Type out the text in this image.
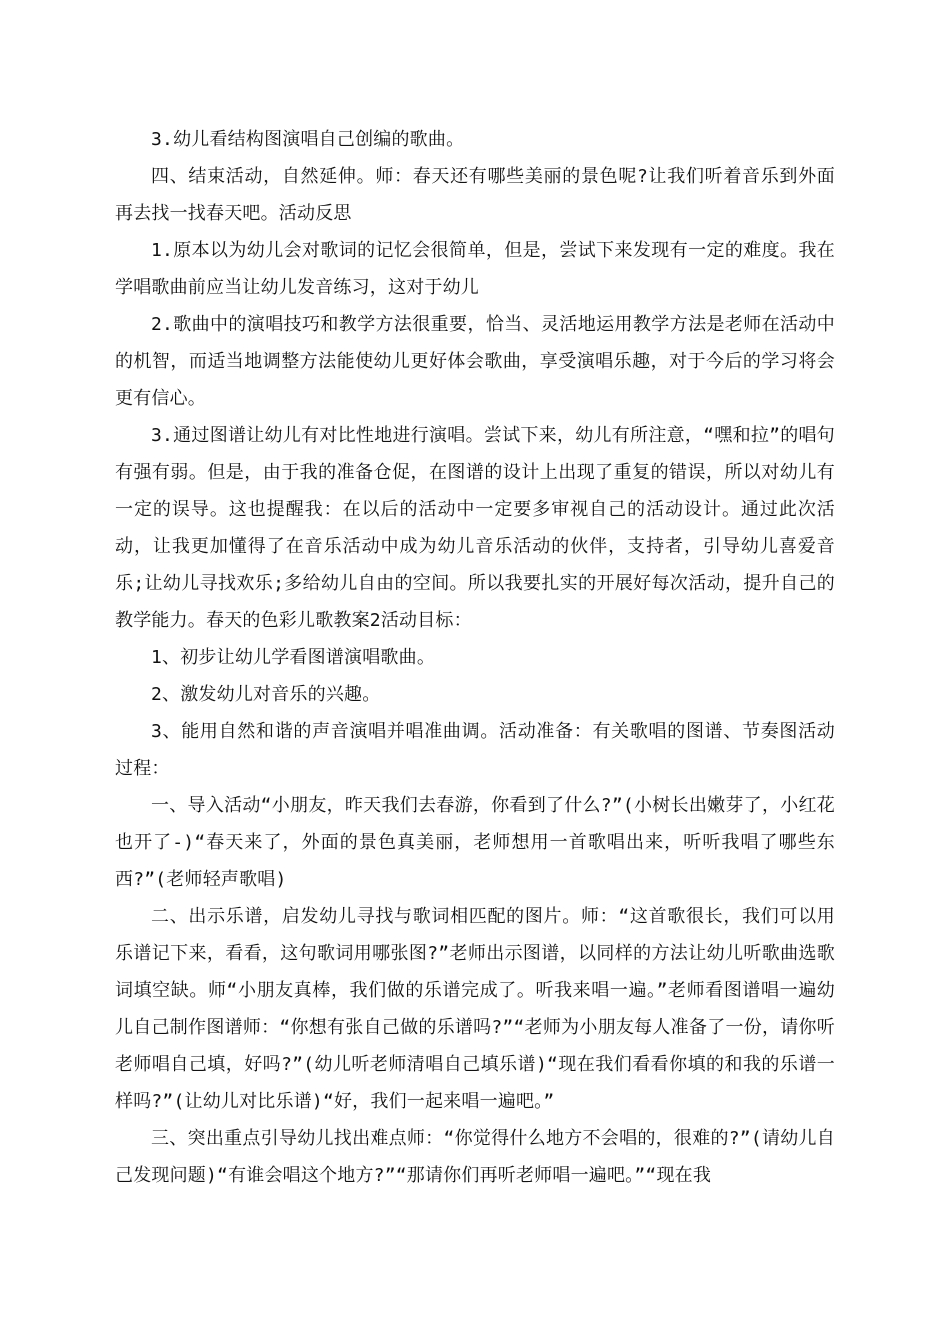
3.幼儿看结构图演唱自己创编的歌曲。

四、结束活动，自然延伸。师：春天还有哪些美丽的景色呢?让我们听着音乐到外面再去找一找春天吧。活动反思

1.原本以为幼儿会对歌词的记忆会很简单，但是，尝试下来发现有一定的难度。我在学唱歌曲前应当让幼儿发音练习，这对于幼儿

2.歌曲中的演唱技巧和教学方法很重要，恰当、灵活地运用教学方法是老师在活动中的机智，而适当地调整方法能使幼儿更好体会歌曲，享受演唱乐趣，对于今后的学习将会更有信心。

3.通过图谱让幼儿有对比性地进行演唱。尝试下来，幼儿有所注意，“嘿和拉”的唱句有强有弱。但是，由于我的准备仓促，在图谱的设计上出现了重复的错误，所以对幼儿有一定的误导。这也提醒我：在以后的活动中一定要多审视自己的活动设计。通过此次活动，让我更加懂得了在音乐活动中成为幼儿音乐活动的伙伴，支持者，引导幼儿喜爱音乐;让幼儿寻找欢乐;多给幼儿自由的空间。所以我要扎实的开展好每次活动，提升自己的教学能力。春天的色彩儿歌教案2活动目标：

1、初步让幼儿学看图谱演唱歌曲。

2、激发幼儿对音乐的兴趣。

3、能用自然和谐的声音演唱并唱准曲调。活动准备：有关歌唱的图谱、节奏图活动过程：

一、导入活动“小朋友，昨天我们去春游，你看到了什么?”(小树长出嫩芽了，小红花也开了-)“春天来了，外面的景色真美丽，老师想用一首歌唱出来，听听我唱了哪些东西?”(老师轻声歌唱)

二、出示乐谱，启发幼儿寻找与歌词相匹配的图片。师：“这首歌很长，我们可以用乐谱记下来，看看，这句歌词用哪张图?”老师出示图谱，以同样的方法让幼儿听歌曲选歌词填空缺。师“小朋友真棒，我们做的乐谱完成了。听我来唱一遍。”老师看图谱唱一遍幼儿自己制作图谱师：“你想有张自己做的乐谱吗?”“老师为小朋友每人准备了一份，请你听老师唱自己填，好吗?”(幼儿听老师清唱自己填乐谱)“现在我们看看你填的和我的乐谱一样吗?”(让幼儿对比乐谱)“好，我们一起来唱一遍吧。”

三、突出重点引导幼儿找出难点师：“你觉得什么地方不会唱的，很难的?”(请幼儿自己发现问题)“有谁会唱这个地方?”“那请你们再听老师唱一遍吧。”“现在我
